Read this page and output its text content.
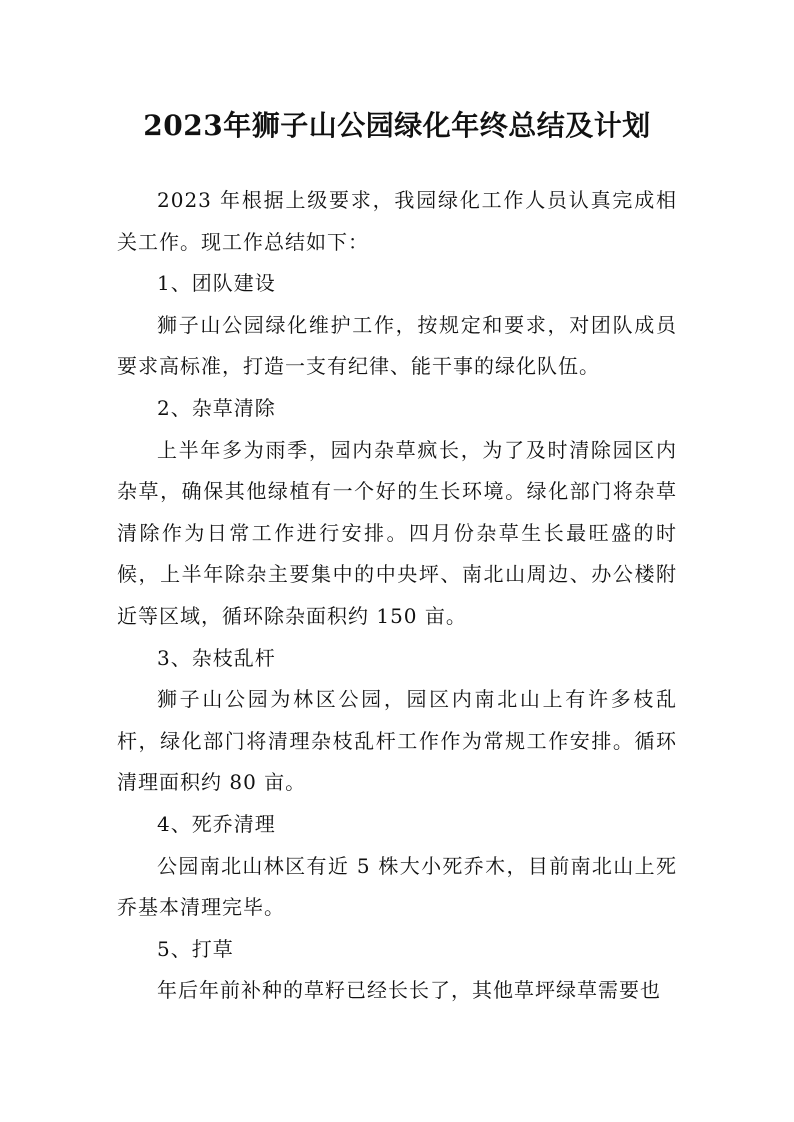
2023年狮子山公园绿化年终总结及计划

2023 年根据上级要求，我园绿化工作人员认真完成相关工作。现工作总结如下：

1、团队建设

狮子山公园绿化维护工作，按规定和要求，对团队成员要求高标准，打造一支有纪律、能干事的绿化队伍。

2、杂草清除

上半年多为雨季，园内杂草疯长，为了及时清除园区内杂草，确保其他绿植有一个好的生长环境。绿化部门将杂草清除作为日常工作进行安排。四月份杂草生长最旺盛的时候，上半年除杂主要集中的中央坪、南北山周边、办公楼附近等区域，循环除杂面积约 150 亩。

3、杂枝乱杆

狮子山公园为林区公园，园区内南北山上有许多枝乱杆，绿化部门将清理杂枝乱杆工作作为常规工作安排。循环清理面积约 80 亩。

4、死乔清理

公园南北山林区有近 5 株大小死乔木，目前南北山上死乔基本清理完毕。

5、打草

年后年前补种的草籽已经长长了，其他草坪绿草需要也
